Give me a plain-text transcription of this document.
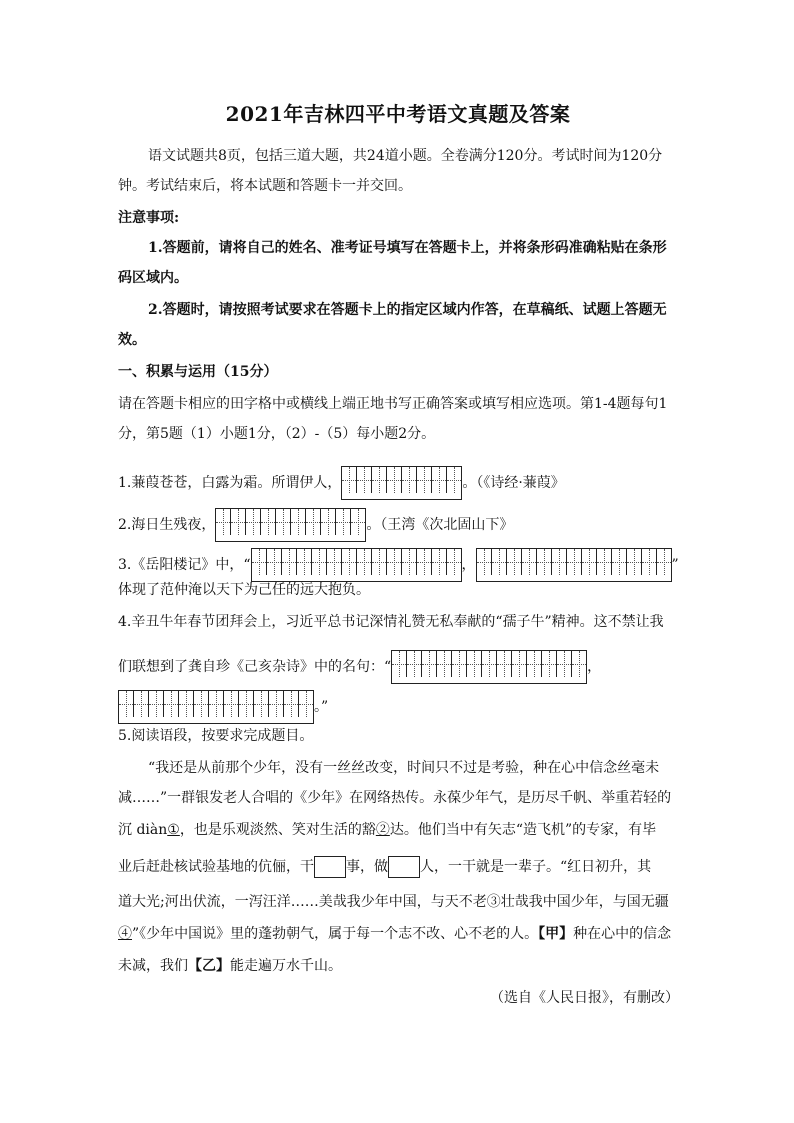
2021年吉林四平中考语文真题及答案
语文试题共8页，包括三道大题，共24道小题。全卷满分120分。考试时间为120分
钟。考试结束后，将本试题和答题卡一并交回。
注意事项:
1.答题前，请将自己的姓名、准考证号填写在答题卡上，并将条形码准确粘贴在条形
码区域内。
2.答题时，请按照考试要求在答题卡上的指定区域内作答，在草稿纸、试题上答题无
效。
一、积累与运用（15分）
请在答题卡相应的田字格中或横线上端正地书写正确答案或填写相应选项。第1-4题每句1
分，第5题（1）小题1分，（2）-（5）每小题2分。
1.蒹葭苍苍，白露为霜。所谓伊人，	。（《诗经·蒹葭》
2.海日生残夜，	。（王湾《次北固山下》
3.《岳阳楼记》中，“	，	”
体现了范仲淹以天下为己任的远大抱负。
4.辛丑牛年春节团拜会上，习近平总书记深情礼赞无私奉献的“孺子牛”精神。这不禁让我
们联想到了龚自珍《己亥杂诗》中的名句：“	，
。”
5.阅读语段，按要求完成题目。
“我还是从前那个少年，没有一丝丝改变，时间只不过是考验，种在心中信念丝毫未
减……”一群银发老人合唱的《少年》在网络热传。永葆少年气，是历尽千帆、举重若轻的
沉 diàn①，也是乐观淡然、笑对生活的豁②达。他们当中有矢志“造飞机”的专家，有毕
业后赶赴核试验基地的伉俪，干 事，做 人，一干就是一辈子。“红日初升，其
道大光;河出伏流，一泻汪洋……美哉我少年中国，与天不老③壮哉我中国少年，与国无疆
④”《少年中国说》里的蓬勃朝气，属于每一个志不改、心不老的人。【甲】种在心中的信念
未减，我们【乙】能走遍万水千山。
（选自《人民日报》，有删改）
